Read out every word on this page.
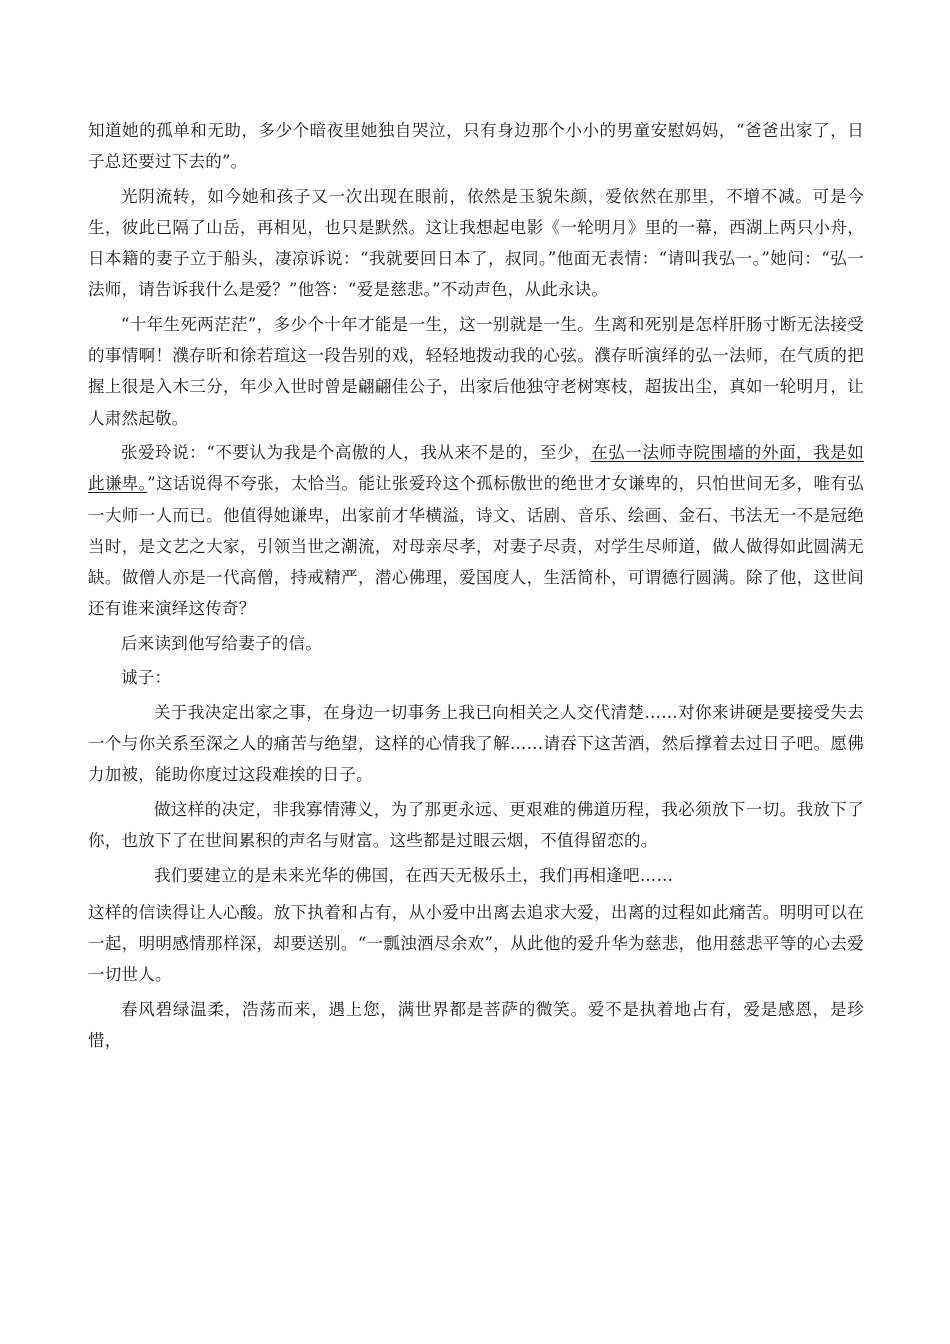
知道她的孤单和无助，多少个暗夜里她独自哭泣，只有身边那个小小的男童安慰妈妈，“爸爸出家了，日子总还要过下去的”。

光阴流转，如今她和孩子又一次出现在眼前，依然是玉貌朱颜，爱依然在那里，不增不减。可是今生，彼此已隔了山岳，再相见，也只是默然。这让我想起电影《一轮明月》里的一幕，西湖上两只小舟，日本籍的妻子立于船头，凄凉诉说：“我就要回日本了，叔同。”他面无表情：“请叫我弘一。”她问：“弘一法师，请告诉我什么是爱？”他答：“爱是慈悲。”不动声色，从此永诀。

“十年生死两茫茫”，多少个十年才能是一生，这一别就是一生。生离和死别是怎样肝肠寸断无法接受的事情啊！濮存昕和徐若瑄这一段告别的戏，轻轻地拨动我的心弦。濮存昕演绎的弘一法师，在气质的把握上很是入木三分，年少入世时曾是翩翩佳公子，出家后他独守老树寒枝，超拔出尘，真如一轮明月，让人肃然起敬。

张爱玲说：“不要认为我是个高傲的人，我从来不是的，至少，在弘一法师寺院围墙的外面，我是如此谦卑。”这话说得不夸张，太恰当。能让张爱玲这个孤标傲世的绝世才女谦卑的，只怕世间无多，唯有弘一大师一人而已。他值得她谦卑，出家前才华横溢，诗文、话剧、音乐、绘画、金石、书法无一不是冠绝当时，是文艺之大家，引领当世之潮流，对母亲尽孝，对妻子尽责，对学生尽师道，做人做得如此圆满无缺。做僧人亦是一代高僧，持戒精严，潜心佛理，爱国度人，生活简朴，可谓德行圆满。除了他，这世间还有谁来演绎这传奇？

后来读到他写给妻子的信。

诚子：

关于我决定出家之事，在身边一切事务上我已向相关之人交代清楚……对你来讲硬是要接受失去一个与你关系至深之人的痛苦与绝望，这样的心情我了解……请吞下这苦酒，然后撑着去过日子吧。愿佛力加被，能助你度过这段难挨的日子。

做这样的决定，非我寡情薄义，为了那更永远、更艰难的佛道历程，我必须放下一切。我放下了你，也放下了在世间累积的声名与财富。这些都是过眼云烟，不值得留恋的。

我们要建立的是未来光华的佛国，在西天无极乐土，我们再相逢吧……

这样的信读得让人心酸。放下执着和占有，从小爱中出离去追求大爱，出离的过程如此痛苦。明明可以在一起，明明感情那样深，却要送别。“一瓢浊酒尽余欢”，从此他的爱升华为慈悲，他用慈悲平等的心去爱一切世人。

春风碧绿温柔，浩荡而来，遇上您，满世界都是菩萨的微笑。爱不是执着地占有，爱是感恩，是珍惜，
